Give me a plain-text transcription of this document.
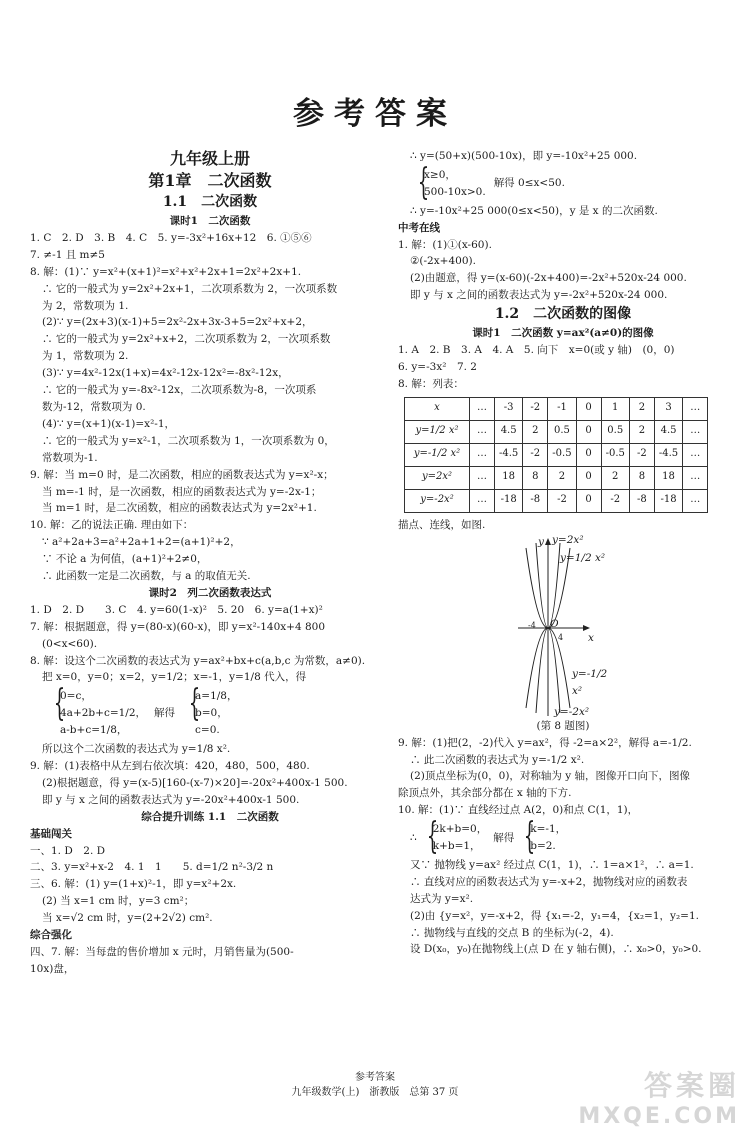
参考答案
九年级上册
第1章　二次函数
1.1　二次函数
课时1　二次函数
1. C　2. D　3. B　4. C　5. y=-3x²+16x+12　6. ①⑤⑥
7. ≠-1 且 m≠5
8. 解：(1)∵ y=x²+(x+1)²=x²+x²+2x+1=2x²+2x+1.
∴ 它的一般式为 y=2x²+2x+1，二次项系数为 2，一次项系数
为 2，常数项为 1.
(2)∵ y=(2x+3)(x-1)+5=2x²-2x+3x-3+5=2x²+x+2，
∴ 它的一般式为 y=2x²+x+2，二次项系数为 2，一次项系数
为 1，常数项为 2.
(3)∵ y=4x²-12x(1+x)=4x²-12x-12x²=-8x²-12x，
∴ 它的一般式为 y=-8x²-12x，二次项系数为-8，一次项系
数为-12，常数项为 0.
(4)∵ y=(x+1)(x-1)=x²-1，
∴ 它的一般式为 y=x²-1，二次项系数为 1，一次项系数为 0，
常数项为-1.
9. 解：当 m=0 时，是二次函数，相应的函数表达式为 y=x²-x；
当 m=-1 时，是一次函数，相应的函数表达式为 y=-2x-1；
当 m=1 时，是二次函数，相应的函数表达式为 y=2x²+1.
10. 解：乙的说法正确. 理由如下：
∵ a²+2a+3=a²+2a+1+2=(a+1)²+2，
∵ 不论 a 为何值，(a+1)²+2≠0，
∴ 此函数一定是二次函数，与 a 的取值无关.
课时2　列二次函数表达式
1. D　2. D　　3. C　4. y=60(1-x)²　5. 20　6. y=a(1+x)²
7. 解：根据题意，得 y=(80-x)(60-x)，即 y=x²-140x+4 800
(0<x<60).
8. 解：设这个二次函数的表达式为 y=ax²+bx+c(a,b,c 为常数，a≠0).
把 x=0，y=0；x=2，y=1/2；x=-1，y=1/8 代入，得
{ 0=c，
4a+2b+c=1/2，
a-b+c=1/8，
解得
{ a=1/8，
b=0，
c=0.
所以这个二次函数的表达式为 y=1/8 x².
9. 解：(1)表格中从左到右依次填：420，480，500，480.
(2)根据题意，得 y=(x-5)[160-(x-7)×20]=-20x²+400x-1 500.
即 y 与 x 之间的函数表达式为 y=-20x²+400x-1 500.
综合提升训练 1.1　二次函数
基础闯关
一、1. D　2. D
二、3. y=x²+x-2　4. 1　1　　5. d=1/2 n²-3/2 n
三、6. 解：(1) y=(1+x)²-1，即 y=x²+2x.
(2) 当 x=1 cm 时，y=3 cm²；
当 x=√2 cm 时，y=(2+2√2) cm².
综合强化
四、7. 解：当每盘的售价增加 x 元时，月销售量为(500-
10x)盘，
∴ y=(50+x)(500-10x)，即 y=-10x²+25 000.
{ x≥0，
500-10x>0.
解得 0≤x<50.
∴ y=-10x²+25 000(0≤x<50)，y 是 x 的二次函数.
中考在线
1. 解：(1)①(x-60).
②(-2x+400).
(2)由题意，得 y=(x-60)(-2x+400)=-2x²+520x-24 000.
即 y 与 x 之间的函数表达式为 y=-2x²+520x-24 000.
1.2　二次函数的图像
课时1　二次函数 y=ax²(a≠0)的图像
1. A　2. B　3. A　4. A　5. 向下　x=0(或 y 轴)　(0，0)
6. y=-3x²　7. 2
8. 解：列表：
x	…	-3	-2	-1	0	1	2	3	…
y=1/2 x²	…	4.5	2	0.5	0	0.5	2	4.5	…
y=-1/2 x²	…	-4.5	-2	-0.5	0	-0.5	-2	-4.5	…
y=2x²	…	18	8	2	0	2	8	18	…
y=-2x²	…	-18	-8	-2	0	-2	-8	-18	…
描点、连线，如图.
y=2x²
y=1/2 x²
y=-1/2 x²
y=-2x²
y
x
O
-4
4
(第 8 题图)
9. 解：(1)把(2，-2)代入 y=ax²，得 -2=a×2²，解得 a=-1/2.
∴ 此二次函数的表达式为 y=-1/2 x².
(2)顶点坐标为(0，0)，对称轴为 y 轴，图像开口向下，图像
除顶点外，其余部分都在 x 轴的下方.
10. 解：(1)∵ 直线经过点 A(2，0)和点 C(1，1)，
∴
{ 2k+b=0，
k+b=1，
解得
{ k=-1，
b=2.
又∵ 抛物线 y=ax² 经过点 C(1，1)，∴ 1=a×1²，∴ a=1.
∴ 直线对应的函数表达式为 y=-x+2，抛物线对应的函数表
达式为 y=x².
(2)由 {y=x²，y=-x+2，得 {x₁=-2，y₁=4，{x₂=1，y₂=1.
∴ 抛物线与直线的交点 B 的坐标为(-2，4).
设 D(x₀，y₀)在抛物线上(点 D 在 y 轴右侧)，∴ x₀>0，y₀>0.
参考答案
九年级数学(上)　浙教版　总第 37 页	答案圈
MXQE.COM
